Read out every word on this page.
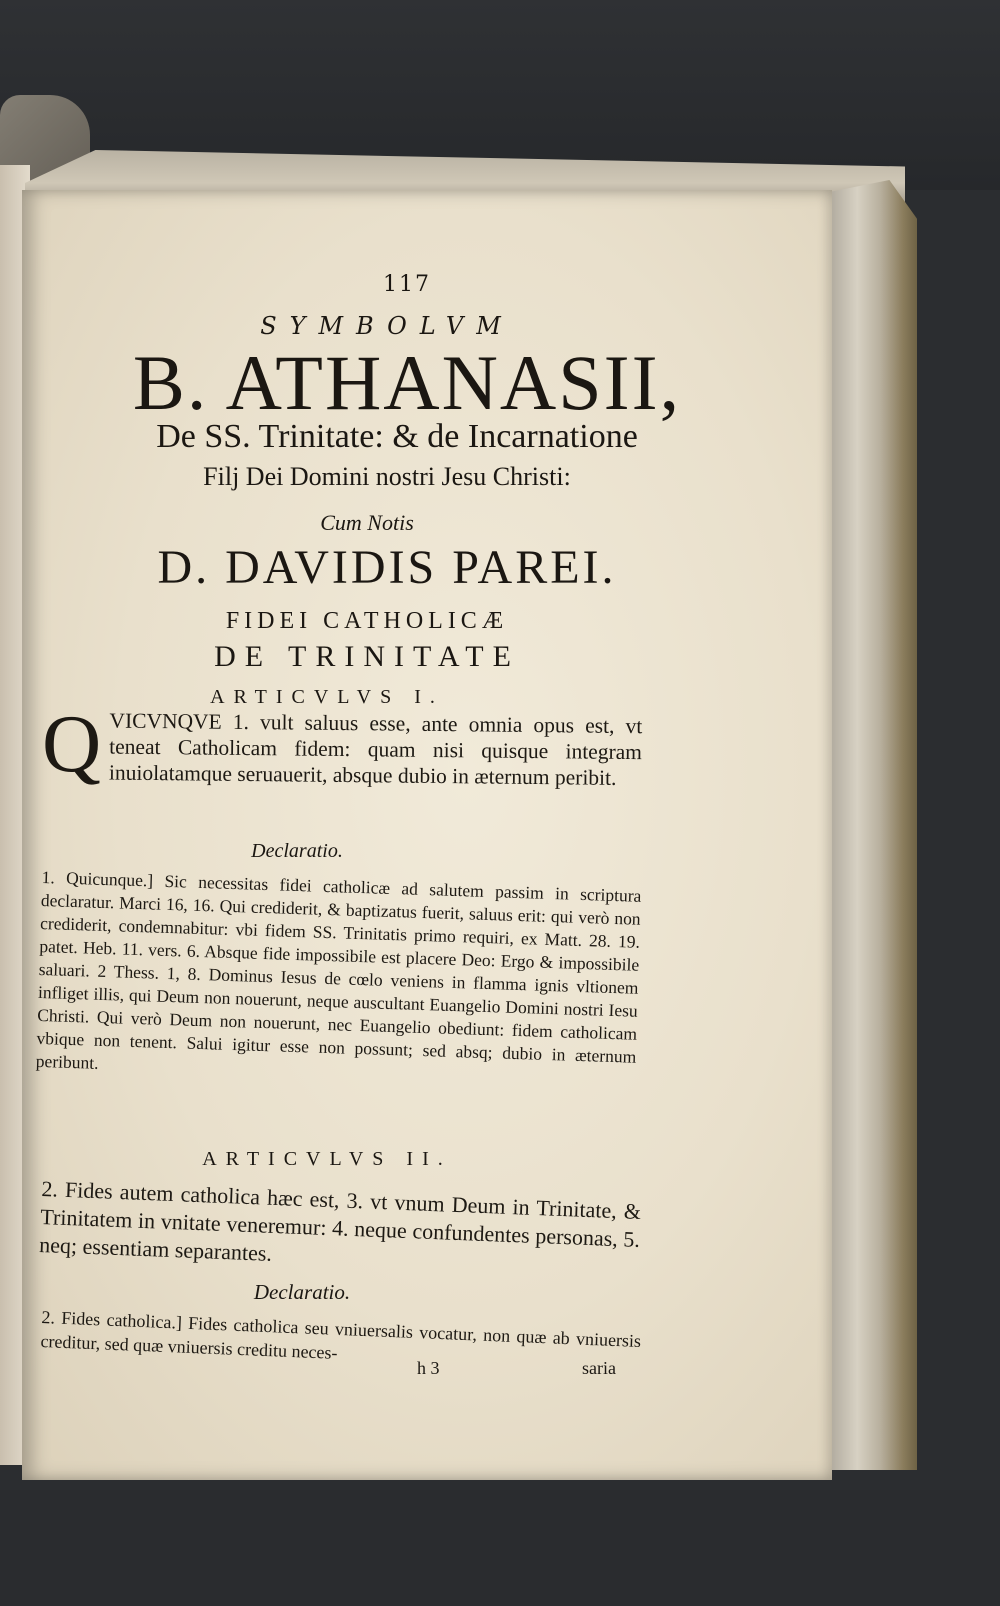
117
SYMBOLVM
B. ATHANASII,
De SS. Trinitate: & de Incarnatione
Filj Dei Domini nostri Jesu Christi:
Cum Notis
D. DAVIDIS PAREI.
FIDEI CATHOLICÆ
DE TRINITATE
ARTICVLVS I.
QVICVNQVE 1. vult saluus esse, ante omnia opus est, vt teneat Catholicam fidem: quam nisi quisque integram inuiolatamque seruauerit, absque dubio in æternum peribit.
Declaratio.
1. Quicunque.] Sic necessitas fidei catholicæ ad salutem passim in scriptura declaratur. Marci 16, 16. Qui crediderit, & baptizatus fuerit, saluus erit: qui verò non crediderit, condemnabitur: vbi fidem SS. Trinitatis primo requiri, ex Matt. 28. 19. patet. Heb. 11. vers. 6. Absque fide impossibile est placere Deo: Ergo & impossibile saluari. 2 Thess. 1, 8. Dominus Iesus de cœlo veniens in flamma ignis vltionem infliget illis, qui Deum non nouerunt, neque auscultant Euangelio Domini nostri Iesu Christi. Qui verò Deum non nouerunt, nec Euangelio obediunt: fidem catholicam vbique non tenent. Salui igitur esse non possunt; sed absq; dubio in æternum peribunt.
ARTICVLVS II.
2. Fides autem catholica hæc est, 3. vt vnum Deum in Trinitate, & Trinitatem in vnitate veneremur: 4. neque confundentes personas, 5. neq; essentiam separantes.
Declaratio.
2. Fides catholica.] Fides catholica seu vniuersalis vocatur, non quæ ab vniuersis creditur, sed quæ vniuersis creditu neces-
h 3	saria
